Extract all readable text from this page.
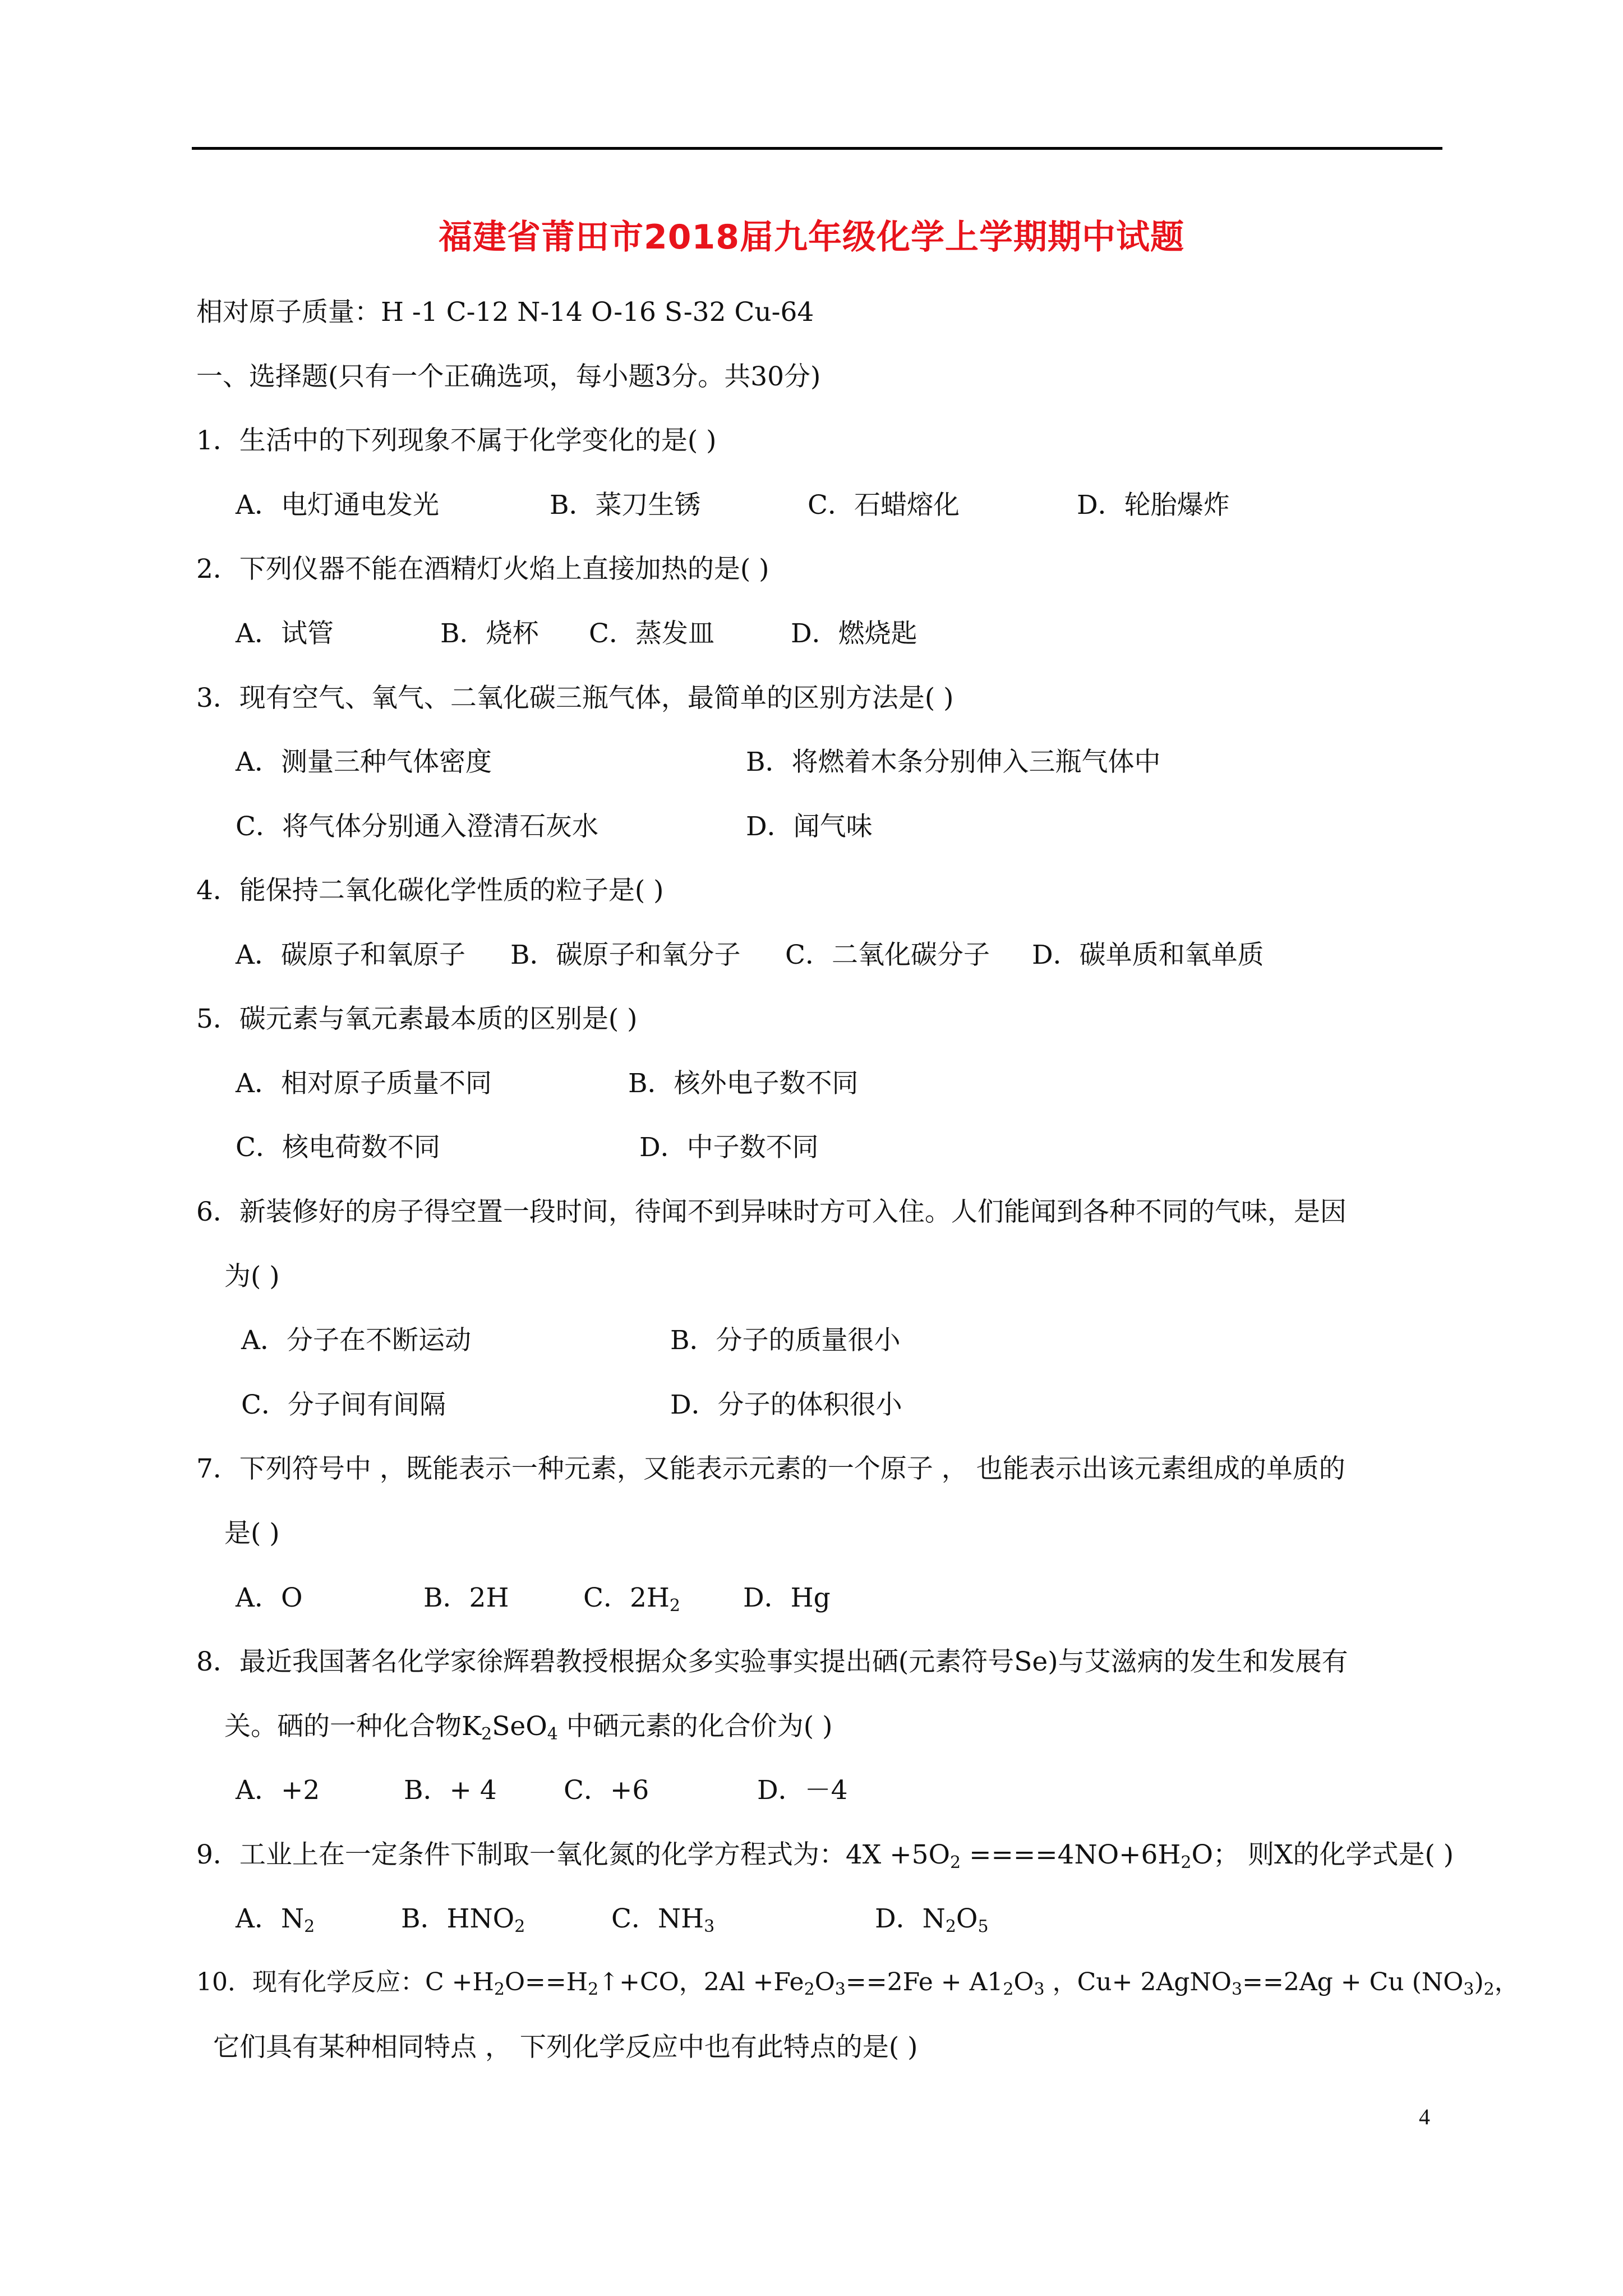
福建省莆田市2018届九年级化学上学期期中试题
相对原子质量：H -1 C-12 N-14 O-16 S-32 Cu-64
一、选择题(只有一个正确选项，每小题3分。共30分)
1．生活中的下列现象不属于化学变化的是( )
A．电灯通电发光	B．菜刀生锈	C．石蜡熔化	D．轮胎爆炸
2．下列仪器不能在酒精灯火焰上直接加热的是( )
A．试管	B．烧杯 C．蒸发皿	D．燃烧匙
3．现有空气、氧气、二氧化碳三瓶气体，最简单的区别方法是( )
A．测量三种气体密度	B．将燃着木条分别伸入三瓶气体中
C．将气体分别通入澄清石灰水	D．闻气味
4．能保持二氧化碳化学性质的粒子是( )
A．碳原子和氧原子 B．碳原子和氧分子 C．二氧化碳分子 D．碳单质和氧单质
5．碳元素与氧元素最本质的区别是( )
A．相对原子质量不同	B．核外电子数不同
C．核电荷数不同	D．中子数不同
6．新装修好的房子得空置一段时间，待闻不到异味时方可入住。人们能闻到各种不同的气味，是因
为( )
A．分子在不断运动	B．分子的质量很小
C．分子间有间隔	D．分子的体积很小
7．下列符号中 ，既能表示一种元素，又能表示元素的一个原子 ， 也能表示出该元素组成的单质的
是( )
A．O	B．2H	C．$2H_2$ D．Hg
8．最近我国著名化学家徐辉碧教授根据众多实验事实提出硒(元素符号Se)与艾滋病的发生和发展有
关。硒的一种化合物$K_2SeO_4$ 中硒元素的化合价为( )
A．+2	B．+ 4	C．+6	D．－4
9．工业上在一定条件下制取一氧化氮的化学方程式为：$4X +5O_2 ====4NO+6H_2O$； 则X的化学式是( )
A．$N_2$	B．$HNO_2$	C．$NH_3$	D．$N_2O_5$
10．现有化学反应：$C +H_2O==H_2↑+CO$，$2Al +Fe_2O_3==2Fe + A1_2O_3$ ，Cu+ 2AgNO$_3$==2Ag + Cu $(NO_3)_2$，
它们具有某种相同特点 ， 下列化学反应中也有此特点的是( )
4
